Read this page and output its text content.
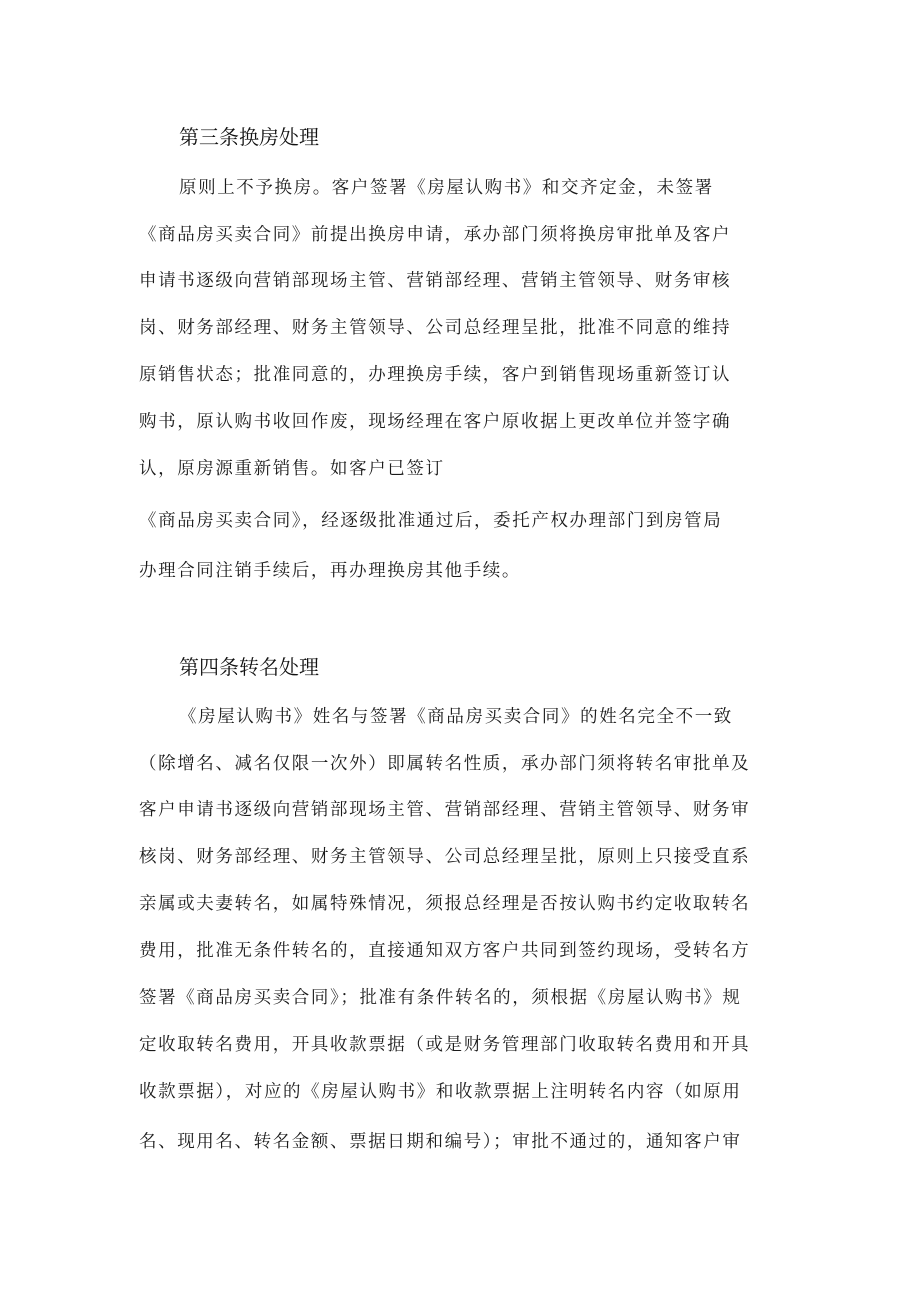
第三条换房处理
原则上不予换房。客户签署《房屋认购书》和交齐定金，未签署
《商品房买卖合同》前提出换房申请，承办部门须将换房审批单及客户
申请书逐级向营销部现场主管、营销部经理、营销主管领导、财务审核
岗、财务部经理、财务主管领导、公司总经理呈批，批准不同意的维持
原销售状态；批准同意的，办理换房手续，客户到销售现场重新签订认
购书，原认购书收回作废，现场经理在客户原收据上更改单位并签字确
认，原房源重新销售。如客户已签订
《商品房买卖合同》，经逐级批准通过后，委托产权办理部门到房管局
办理合同注销手续后，再办理换房其他手续。
第四条转名处理
《房屋认购书》姓名与签署《商品房买卖合同》的姓名完全不一致
（除增名、减名仅限一次外）即属转名性质，承办部门须将转名审批单及
客户申请书逐级向营销部现场主管、营销部经理、营销主管领导、财务审
核岗、财务部经理、财务主管领导、公司总经理呈批，原则上只接受直系
亲属或夫妻转名，如属特殊情况，须报总经理是否按认购书约定收取转名
费用，批准无条件转名的，直接通知双方客户共同到签约现场，受转名方
签署《商品房买卖合同》；批准有条件转名的，须根据《房屋认购书》规
定收取转名费用，开具收款票据（或是财务管理部门收取转名费用和开具
收款票据），对应的《房屋认购书》和收款票据上注明转名内容（如原用
名、现用名、转名金额、票据日期和编号）；审批不通过的，通知客户审
